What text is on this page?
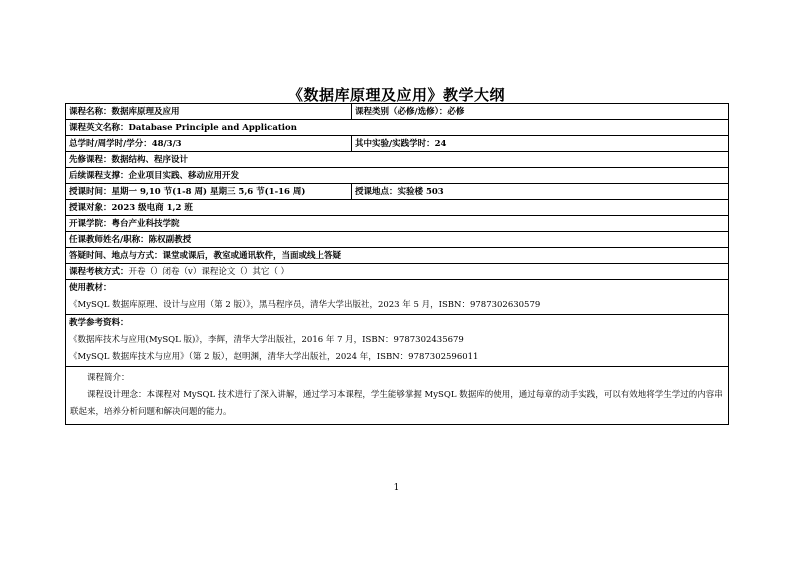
《数据库原理及应用》教学大纲
课程名称：数据库原理及应用	课程类别（必修/选修）：必修
课程英文名称：Database Principle and Application	
总学时/周学时/学分：48/3/3	其中实验/实践学时：24
先修课程：数据结构、程序设计	
后续课程支撑：企业项目实践、移动应用开发	
授课时间：星期一 9,10 节(1-8 周) 星期三 5,6 节(1-16 周)	授课地点：实验楼 503
授课对象：2023 级电商 1,2 班	
开课学院：粤台产业科技学院	
任课教师姓名/职称：陈权副教授	
答疑时间、地点与方式：课堂或课后，教室或通讯软件，当面或线上答疑	
课程考核方式：开卷（）闭卷（v）课程论文（）其它（ ）	

使用教材：
《MySQL 数据库原理、设计与应用（第 2 版）》，黑马程序员，清华大学出版社，2023 年 5 月，ISBN：9787302630579	

教学参考资料：
《数据库技术与应用(MySQL 版)》，李辉，清华大学出版社，2016 年 7 月，ISBN：9787302435679
《MySQL 数据库技术与应用》（第 2 版），赵明渊，清华大学出版社，2024 年，ISBN：9787302596011	

课程简介：
课程设计理念：本课程对 MySQL 技术进行了深入讲解，通过学习本课程，学生能够掌握 MySQL 数据库的使用，通过每章的动手实践，可以有效地将学生学过的内容串联起来，培养分析问题和解决问题的能力。	
1
